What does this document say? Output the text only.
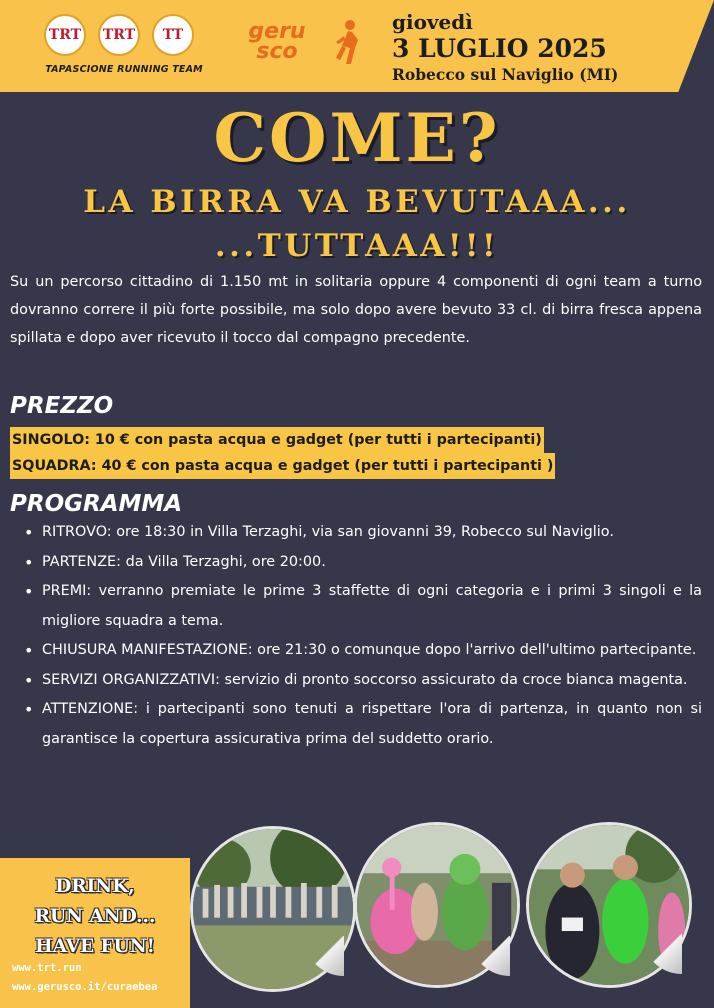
TRT	TRT	TT
TAPASCIONE RUNNING TEAM
geru
sco
giovedì
3 LUGLIO 2025
Robecco sul Naviglio (MI)
COME?
LA BIRRA VA BEVUTAAA...
...TUTTAAA!!!

Su un percorso cittadino di 1.150 mt in solitaria oppure 4 componenti di ogni team a turno dovranno correre il più forte possibile, ma solo dopo avere bevuto 33 cl. di birra fresca appena spillata e dopo aver ricevuto il tocco dal compagno precedente.

PREZZO
SINGOLO: 10 € con pasta acqua e gadget (per tutti i partecipanti)
SQUADRA: 40 € con pasta acqua e gadget (per tutti i partecipanti )
PROGRAMMA
• RITROVO: ore 18:30 in Villa Terzaghi, via san giovanni 39, Robecco sul Naviglio.
• PARTENZE: da Villa Terzaghi, ore 20:00.
• PREMI: verranno premiate le prime 3 staffette di ogni categoria e i primi 3 singoli e la migliore squadra a tema.
• CHIUSURA MANIFESTAZIONE: ore 21:30 o comunque dopo l'arrivo dell'ultimo partecipante.
• SERVIZI ORGANIZZATIVI: servizio di pronto soccorso assicurato da croce bianca magenta.
• ATTENZIONE: i partecipanti sono tenuti a rispettare l'ora di partenza, in quanto non si garantisce la copertura assicurativa prima del suddetto orario.
DRINK,
RUN AND...
HAVE FUN!
www.trt.run
www.gerusco.it/curaebea
